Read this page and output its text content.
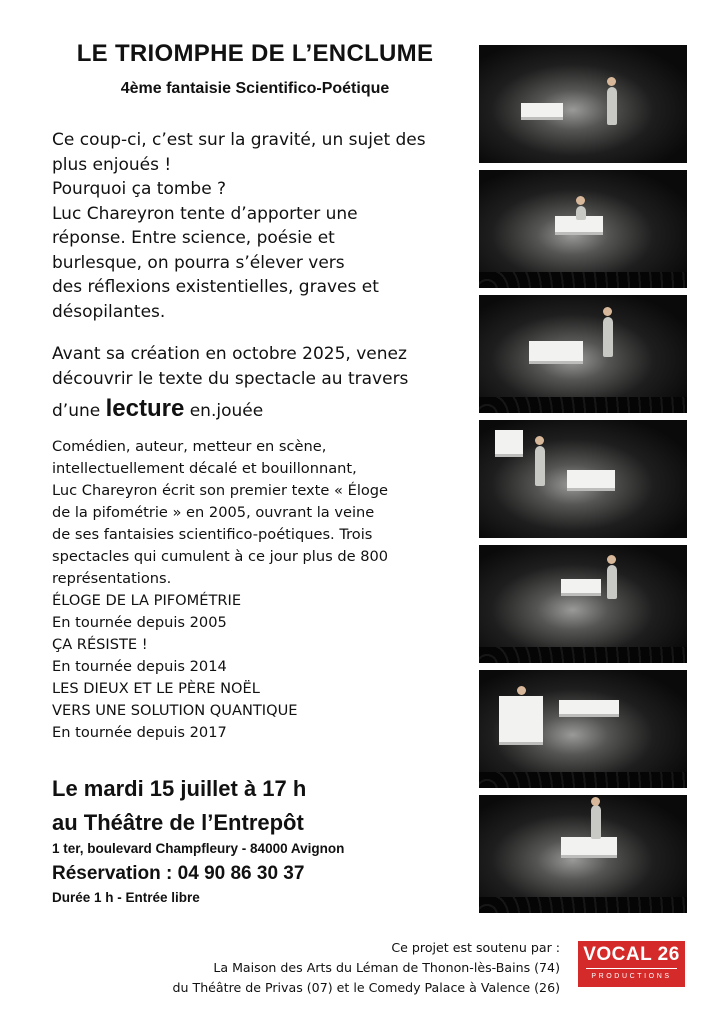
LE TRIOMPHE DE L’ENCLUME
4ème fantaisie Scientifico-Poétique

Ce coup-ci, c’est sur la gravité, un sujet des
plus enjoués !
Pourquoi ça tombe ?
Luc Chareyron tente d’apporter une
réponse. Entre science, poésie et
burlesque, on pourra s’élever vers
des réflexions existentielles, graves et
désopilantes.

Avant sa création en octobre 2025, venez
découvrir le texte du spectacle au travers
d’une lecture en.jouée

Comédien, auteur, metteur en scène,
intellectuellement décalé et bouillonnant,
Luc Chareyron écrit son premier texte « Éloge
de la pifométrie » en 2005, ouvrant la veine
de ses fantaisies scientifico-poétiques. Trois
spectacles qui cumulent à ce jour plus de 800
représentations.
ÉLOGE DE LA PIFOMÉTRIE
En tournée depuis 2005
ÇA RÉSISTE !
En tournée depuis 2014
LES DIEUX ET LE PÈRE NOËL
VERS UNE SOLUTION QUANTIQUE
En tournée depuis 2017

Le mardi 15 juillet à 17 h
au Théâtre de l’Entrepôt
1 ter, boulevard Champfleury - 84000 Avignon
Réservation : 04 90 86 30 37
Durée 1 h - Entrée libre
Ce projet est soutenu par :
La Maison des Arts du Léman de Thonon-lès-Bains (74)
du Théâtre de Privas (07) et le Comedy Palace à Valence (26)
VOCAL 26
PRODUCTIONS
